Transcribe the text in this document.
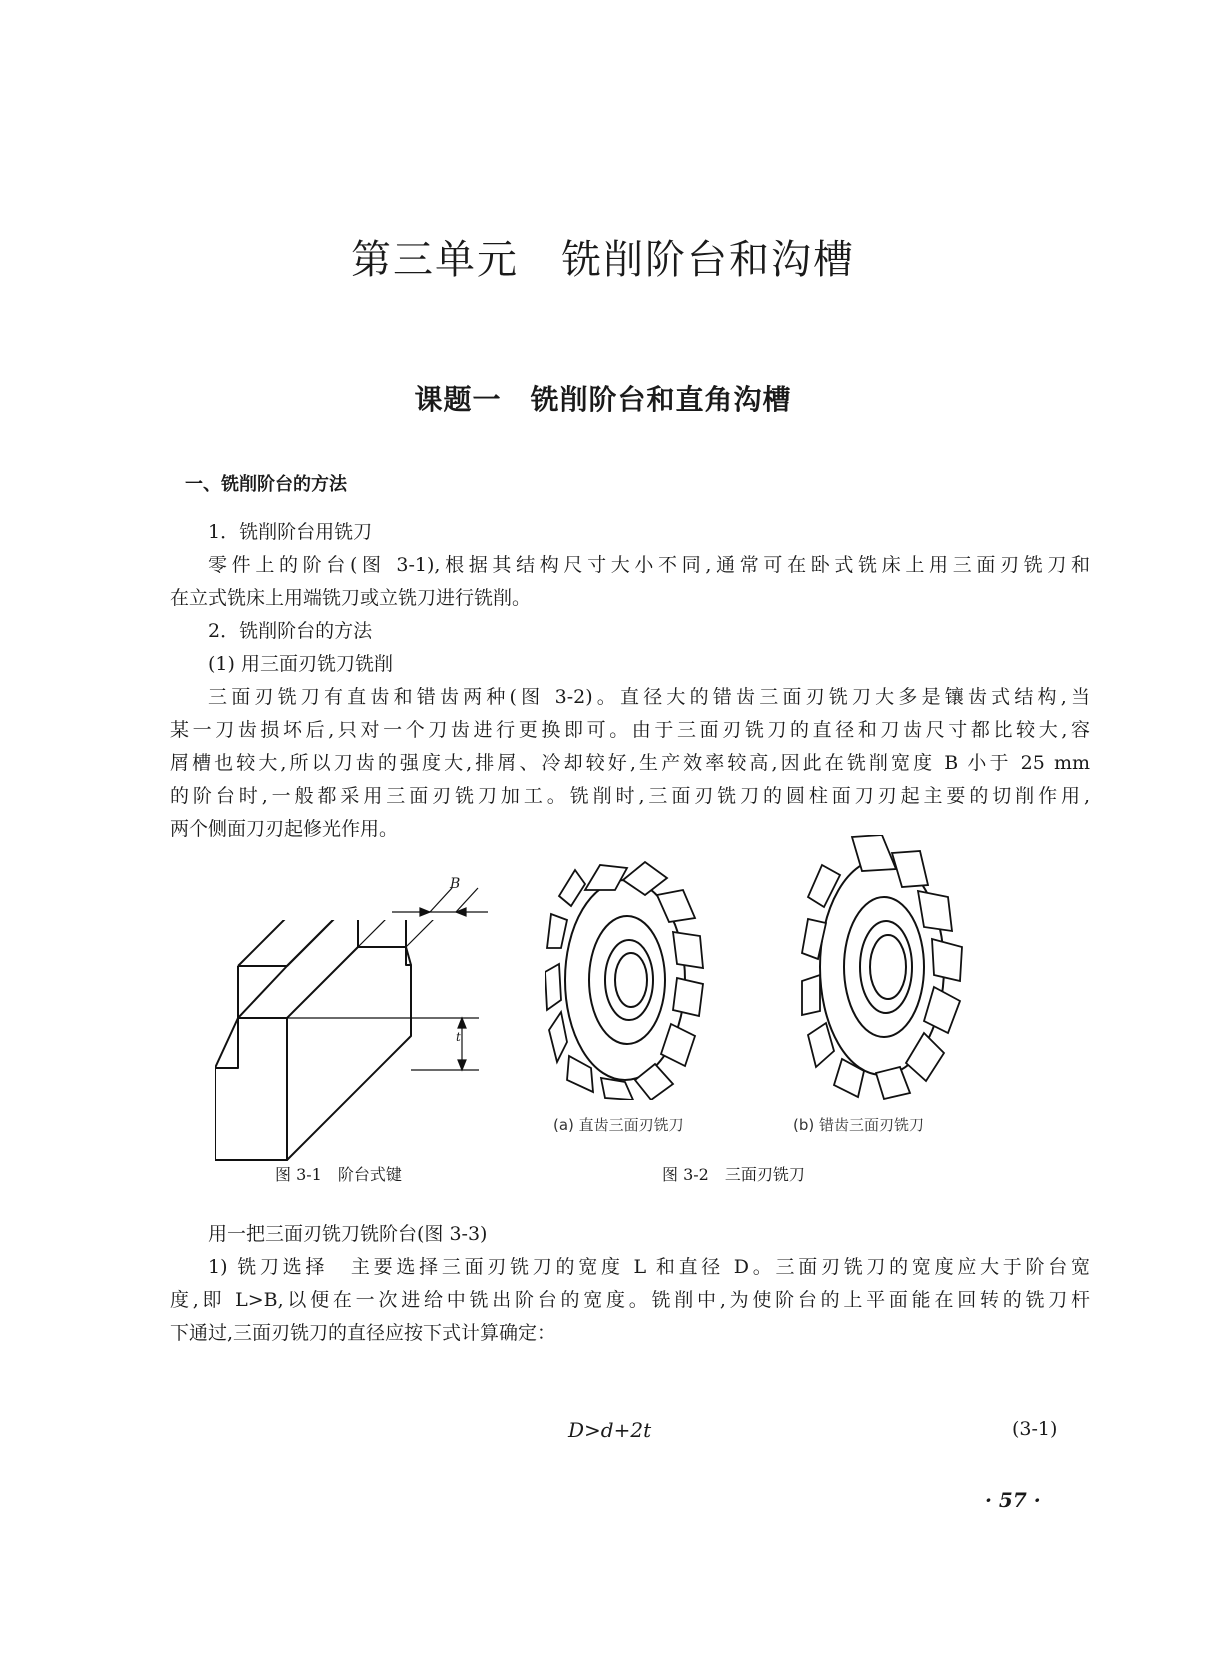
第三单元　铣削阶台和沟槽
课题一　铣削阶台和直角沟槽
一、铣削阶台的方法
1．铣削阶台用铣刀
零件上的阶台(图 3-1),根据其结构尺寸大小不同,通常可在卧式铣床上用三面刃铣刀和
在立式铣床上用端铣刀或立铣刀进行铣削。
2．铣削阶台的方法
(1) 用三面刃铣刀铣削
三面刃铣刀有直齿和错齿两种(图 3-2)。直径大的错齿三面刃铣刀大多是镶齿式结构,当
某一刀齿损坏后,只对一个刀齿进行更换即可。由于三面刃铣刀的直径和刀齿尺寸都比较大,容
屑槽也较大,所以刀齿的强度大,排屑、冷却较好,生产效率较高,因此在铣削宽度 B 小于 25 mm
的阶台时,一般都采用三面刃铣刀加工。铣削时,三面刃铣刀的圆柱面刀刃起主要的切削作用,
两个侧面刀刃起修光作用。
B
t
(a) 直齿三面刃铣刀	(b) 错齿三面刃铣刀
图 3-1　阶台式键	图 3-2　三面刃铣刀
用一把三面刃铣刀铣阶台(图 3-3)
1) 铣刀选择　主要选择三面刃铣刀的宽度 L 和直径 D。三面刃铣刀的宽度应大于阶台宽
度,即 L>B,以便在一次进给中铣出阶台的宽度。铣削中,为使阶台的上平面能在回转的铣刀杆
下通过,三面刃铣刀的直径应按下式计算确定：
D>d+2t	(3-1)
· 57 ·
